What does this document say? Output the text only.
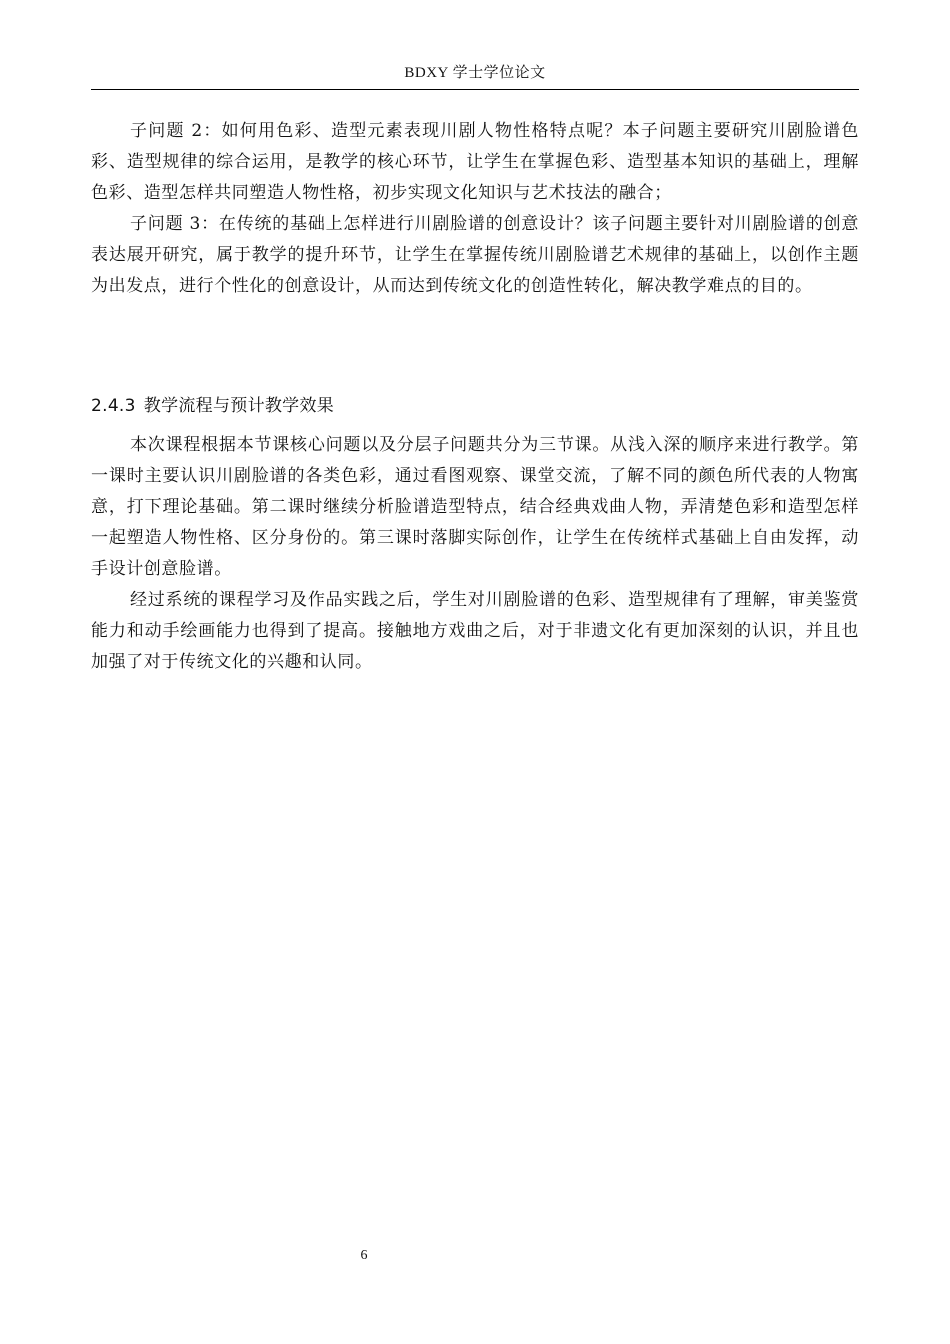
BDXY 学士学位论文

子问题 2：如何用色彩、造型元素表现川剧人物性格特点呢？本子问题主要研究川剧脸谱色彩、造型规律的综合运用，是教学的核心环节，让学生在掌握色彩、造型基本知识的基础上，理解色彩、造型怎样共同塑造人物性格，初步实现文化知识与艺术技法的融合；

子问题 3：在传统的基础上怎样进行川剧脸谱的创意设计？该子问题主要针对川剧脸谱的创意表达展开研究，属于教学的提升环节，让学生在掌握传统川剧脸谱艺术规律的基础上，以创作主题为出发点，进行个性化的创意设计，从而达到传统文化的创造性转化，解决教学难点的目的。

2.4.3 教学流程与预计教学效果

本次课程根据本节课核心问题以及分层子问题共分为三节课。从浅入深的顺序来进行教学。第一课时主要认识川剧脸谱的各类色彩，通过看图观察、课堂交流，了解不同的颜色所代表的人物寓意，打下理论基础。第二课时继续分析脸谱造型特点，结合经典戏曲人物，弄清楚色彩和造型怎样一起塑造人物性格、区分身份的。第三课时落脚实际创作，让学生在传统样式基础上自由发挥，动手设计创意脸谱。

经过系统的课程学习及作品实践之后，学生对川剧脸谱的色彩、造型规律有了理解，审美鉴赏能力和动手绘画能力也得到了提高。接触地方戏曲之后，对于非遗文化有更加深刻的认识，并且也加强了对于传统文化的兴趣和认同。

6
